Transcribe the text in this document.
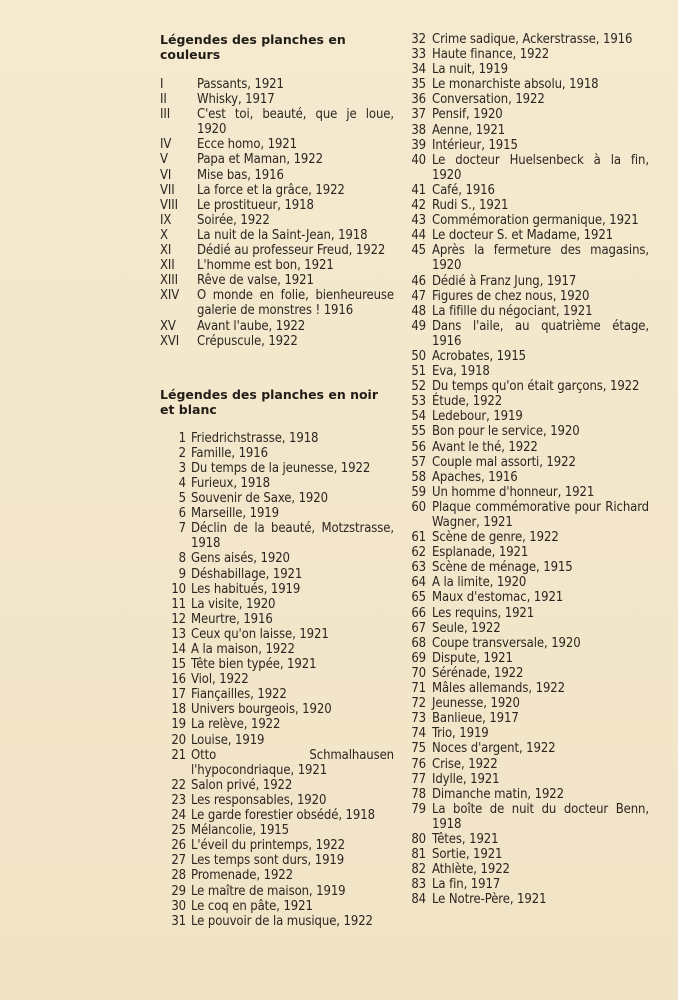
Légendes des planches en couleurs
I	Passants, 1921
II	Whisky, 1917
III	C'est toi, beauté, que je loue, 1920
IV	Ecce homo, 1921
V	Papa et Maman, 1922
VI	Mise bas, 1916
VII	La force et la grâce, 1922
VIII	Le prostitueur, 1918
IX	Soirée, 1922
X	La nuit de la Saint-Jean, 1918
XI	Dédié au professeur Freud, 1922
XII	L'homme est bon, 1921
XIII	Rêve de valse, 1921
XIV	O monde en folie, bienheureuse galerie de monstres ! 1916
XV	Avant l'aube, 1922
XVI	Crépuscule, 1922
Légendes des planches en noir et blanc
1 Friedrichstrasse, 1918
2 Famille, 1916
3 Du temps de la jeunesse, 1922
4 Furieux, 1918
5 Souvenir de Saxe, 1920
6 Marseille, 1919
7 Déclin de la beauté, Motzstrasse, 1918
8 Gens aisés, 1920
9 Déshabillage, 1921
10 Les habitués, 1919
11 La visite, 1920
12 Meurtre, 1916
13 Ceux qu'on laisse, 1921
14 A la maison, 1922
15 Tête bien typée, 1921
16 Viol, 1922
17 Fiançailles, 1922
18 Univers bourgeois, 1920
19 La relève, 1922
20 Louise, 1919
21 Otto Schmalhausen l'hypocondriaque, 1921
22 Salon privé, 1922
23 Les responsables, 1920
24 Le garde forestier obsédé, 1918
25 Mélancolie, 1915
26 L'éveil du printemps, 1922
27 Les temps sont durs, 1919
28 Promenade, 1922
29 Le maître de maison, 1919
30 Le coq en pâte, 1921
31 Le pouvoir de la musique, 1922
32 Crime sadique, Ackerstrasse, 1916
33 Haute finance, 1922
34 La nuit, 1919
35 Le monarchiste absolu, 1918
36 Conversation, 1922
37 Pensif, 1920
38 Aenne, 1921
39 Intérieur, 1915
40 Le docteur Huelsenbeck à la fin, 1920
41 Café, 1916
42 Rudi S., 1921
43 Commémoration germanique, 1921
44 Le docteur S. et Madame, 1921
45 Après la fermeture des magasins, 1920
46 Dédié à Franz Jung, 1917
47 Figures de chez nous, 1920
48 La fifille du négociant, 1921
49 Dans l'aile, au quatrième étage, 1916
50 Acrobates, 1915
51 Eva, 1918
52 Du temps qu'on était garçons, 1922
53 Étude, 1922
54 Ledebour, 1919
55 Bon pour le service, 1920
56 Avant le thé, 1922
57 Couple mal assorti, 1922
58 Apaches, 1916
59 Un homme d'honneur, 1921
60 Plaque commémorative pour Richard Wagner, 1921
61 Scène de genre, 1922
62 Esplanade, 1921
63 Scène de ménage, 1915
64 A la limite, 1920
65 Maux d'estomac, 1921
66 Les requins, 1921
67 Seule, 1922
68 Coupe transversale, 1920
69 Dispute, 1921
70 Sérénade, 1922
71 Mâles allemands, 1922
72 Jeunesse, 1920
73 Banlieue, 1917
74 Trio, 1919
75 Noces d'argent, 1922
76 Crise, 1922
77 Idylle, 1921
78 Dimanche matin, 1922
79 La boîte de nuit du docteur Benn, 1918
80 Têtes, 1921
81 Sortie, 1921
82 Athlète, 1922
83 La fin, 1917
84 Le Notre-Père, 1921
